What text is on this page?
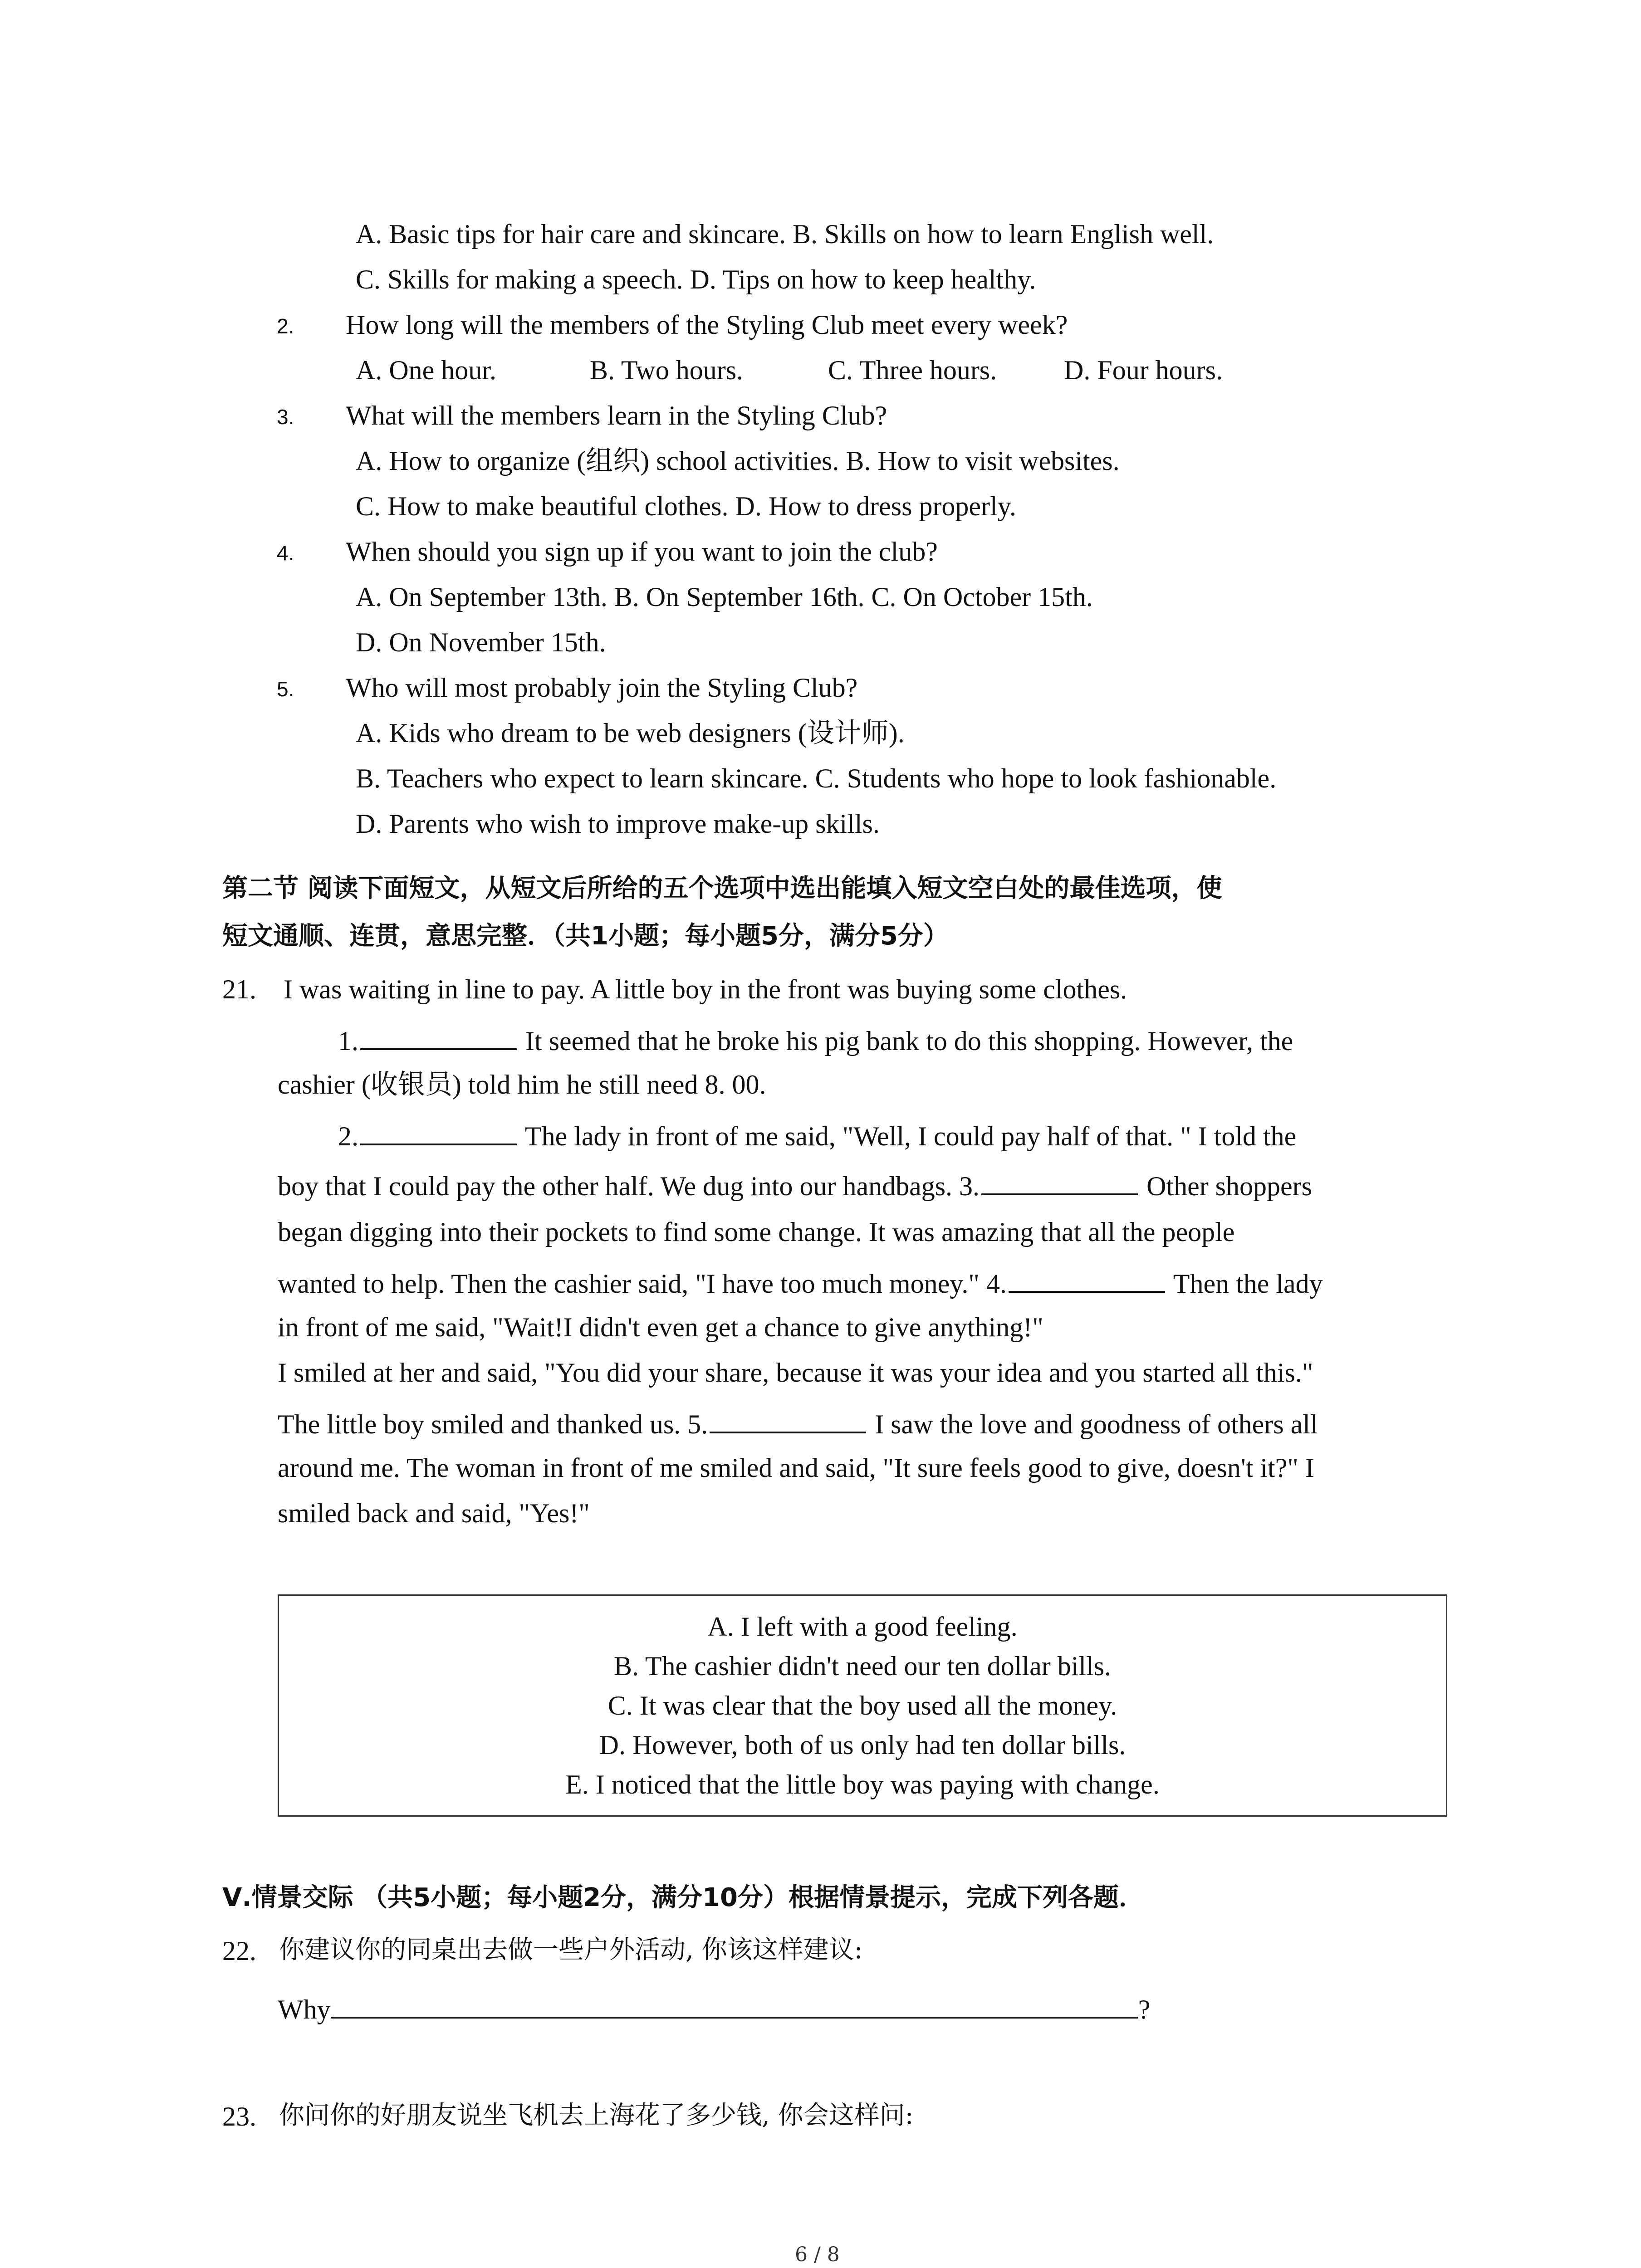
A. Basic tips for hair care and skincare. B. Skills on how to learn English well.
C. Skills for making a speech. D. Tips on how to keep healthy.
2. How long will the members of the Styling Club meet every week?
A. One hour.	B. Two hours.	C. Three hours. D. Four hours.
3. What will the members learn in the Styling Club?
A. How to organize (组织) school activities. B. How to visit websites.
C. How to make beautiful clothes. D. How to dress properly.
4. When should you sign up if you want to join the club?
A. On September 13th. B. On September 16th. C. On October 15th.
D. On November 15th.
5. Who will most probably join the Styling Club?
A. Kids who dream to be web designers (设计师).
B. Teachers who expect to learn skincare. C. Students who hope to look fashionable.
D. Parents who wish to improve make-up skills.
第二节 阅读下面短文，从短文后所给的五个选项中选出能填入短文空白处的最佳选项，使
短文通顺、连贯，意思完整．（共1小题；每小题5分，满分5分）
21. I was waiting in line to pay. A little boy in the front was buying some clothes.
1.	It seemed that he broke his pig bank to do this shopping. However, the
cashier (收银员) told him he still need 8. 00.
2.	The lady in front of me said, "Well, I could pay half of that. " I told the
boy that I could pay the other half. We dug into our handbags. 3.	Other shoppers
began digging into their pockets to find some change. It was amazing that all the people
wanted to help. Then the cashier said, "I have too much money." 4.	Then the lady
in front of me said, "Wait!I didn't even get a chance to give anything!"
I smiled at her and said, "You did your share, because it was your idea and you started all this."
The little boy smiled and thanked us. 5.	I saw the love and goodness of others all
around me. The woman in front of me smiled and said, "It sure feels good to give, doesn't it?" I
smiled back and said, "Yes!"
A. I left with a good feeling.
B. The cashier didn't need our ten dollar bills.
C. It was clear that the boy used all the money.
D. However, both of us only had ten dollar bills.
E. I noticed that the little boy was paying with change.
Ⅴ.情景交际 （共5小题；每小题2分，满分10分）根据情景提示，完成下列各题．
22. 你建议你的同桌出去做一些户外活动, 你该这样建议:
Why	?
23. 你问你的好朋友说坐飞机去上海花了多少钱, 你会这样问:
6 / 8
